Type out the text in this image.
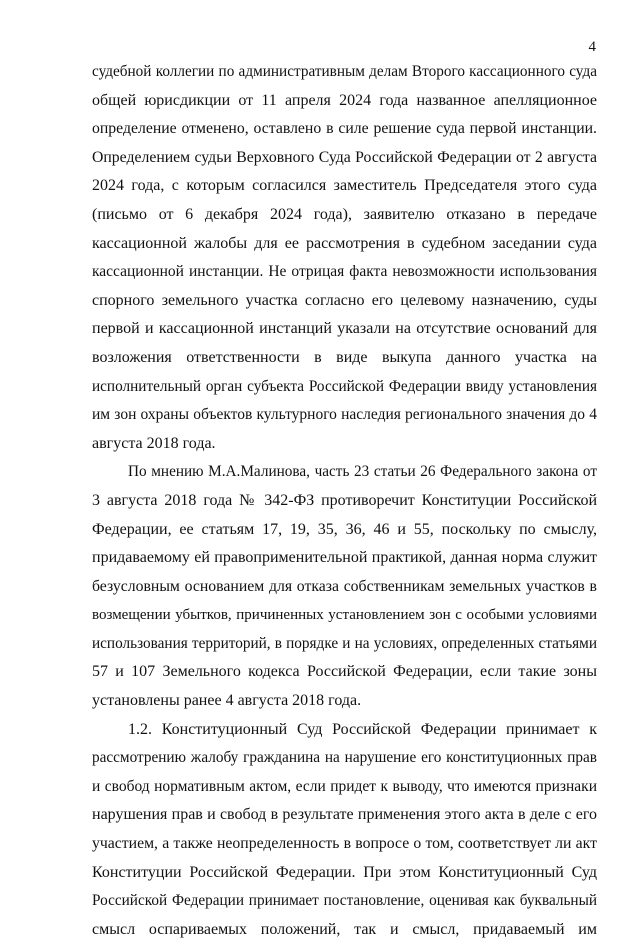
4
судебной коллегии по административным делам Второго кассационного суда
общей юрисдикции от 11 апреля 2024 года названное апелляционное
определение отменено, оставлено в силе решение суда первой инстанции.
Определением судьи Верховного Суда Российской Федерации от 2 августа
2024 года, с которым согласился заместитель Председателя этого суда
(письмо от 6 декабря 2024 года), заявителю отказано в передаче
кассационной жалобы для ее рассмотрения в судебном заседании суда
кассационной инстанции. Не отрицая факта невозможности использования
спорного земельного участка согласно его целевому назначению, суды
первой и кассационной инстанций указали на отсутствие оснований для
возложения ответственности в виде выкупа данного участка на
исполнительный орган субъекта Российской Федерации ввиду установления
им зон охраны объектов культурного наследия регионального значения до 4
августа 2018 года.
По мнению М.А.Малинова, часть 23 статьи 26 Федерального закона от
3 августа 2018 года № 342-ФЗ противоречит Конституции Российской
Федерации, ее статьям 17, 19, 35, 36, 46 и 55, поскольку по смыслу,
придаваемому ей правоприменительной практикой, данная норма служит
безусловным основанием для отказа собственникам земельных участков в
возмещении убытков, причиненных установлением зон с особыми условиями
использования территорий, в порядке и на условиях, определенных статьями
57 и 107 Земельного кодекса Российской Федерации, если такие зоны
установлены ранее 4 августа 2018 года.
1.2. Конституционный Суд Российской Федерации принимает к
рассмотрению жалобу гражданина на нарушение его конституционных прав
и свобод нормативным актом, если придет к выводу, что имеются признаки
нарушения прав и свобод в результате применения этого акта в деле с его
участием, а также неопределенность в вопросе о том, соответствует ли акт
Конституции Российской Федерации. При этом Конституционный Суд
Российской Федерации принимает постановление, оценивая как буквальный
смысл оспариваемых положений, так и смысл, придаваемый им
